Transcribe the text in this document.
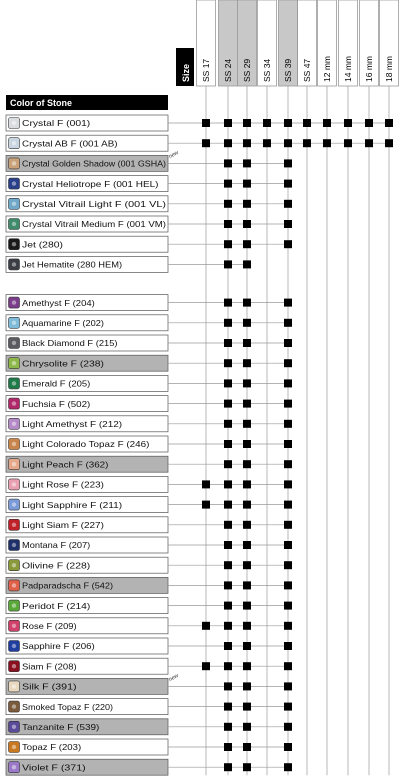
SS 17 SS 24 SS 29 SS 34 SS 39 SS 47 12 mm 14 mm 16 mm 18 mm
Size
Color of Stone
Crystal F (001)
Crystal AB F (001 AB)
Crystal Golden Shadow (001 GSHA)
new
Crystal Heliotrope F (001 HEL)
Crystal Vitrail Light F (001 VL)
Crystal Vitrail Medium F (001 VM)
Jet (280)
Jet Hematite (280 HEM)
Amethyst F (204)
Aquamarine F (202)
Black Diamond F (215)
Chrysolite F (238)
Emerald F (205)
Fuchsia F (502)
Light Amethyst F (212)
Light Colorado Topaz F (246)
Light Peach F (362)
Light Rose F (223)
Light Sapphire F (211)
Light Siam F (227)
Montana F (207)
Olivine F (228)
Padparadscha F (542)
Peridot F (214)
Rose F (209)
Sapphire F (206)
Siam F (208)
Silk F (391)
new
Smoked Topaz F (220)
Tanzanite F (539)
Topaz F (203)
Violet F (371)
